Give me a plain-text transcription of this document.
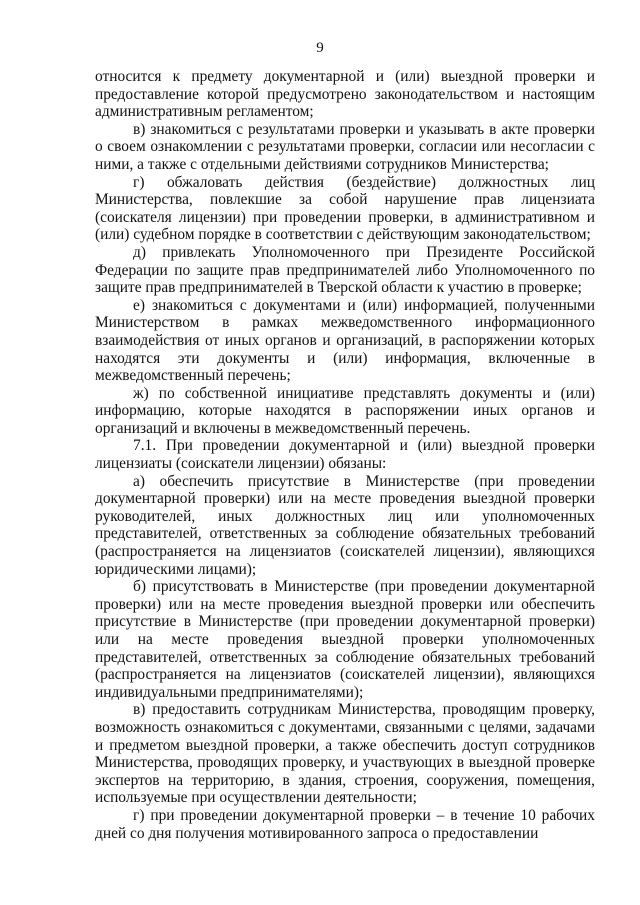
9

относится к предмету документарной и (или) выездной проверки и предоставление которой предусмотрено законодательством и настоящим административным регламентом;

в) знакомиться с результатами проверки и указывать в акте проверки о своем ознакомлении с результатами проверки, согласии или несогласии с ними, а также с отдельными действиями сотрудников Министерства;

г) обжаловать действия (бездействие) должностных лиц Министерства, повлекшие за собой нарушение прав лицензиата (соискателя лицензии) при проведении проверки, в административном и (или) судебном порядке в соответствии с действующим законодательством;

д) привлекать Уполномоченного при Президенте Российской Федерации по защите прав предпринимателей либо Уполномоченного по защите прав предпринимателей в Тверской области к участию в проверке;

е) знакомиться с документами и (или) информацией, полученными Министерством в рамках межведомственного информационного взаимодействия от иных органов и организаций, в распоряжении которых находятся эти документы и (или) информация, включенные в межведомственный перечень;

ж) по собственной инициативе представлять документы и (или) информацию, которые находятся в распоряжении иных органов и организаций и включены в межведомственный перечень.

7.1. При проведении документарной и (или) выездной проверки лицензиаты (соискатели лицензии) обязаны:

а) обеспечить присутствие в Министерстве (при проведении документарной проверки) или на месте проведения выездной проверки руководителей, иных должностных лиц или уполномоченных представителей, ответственных за соблюдение обязательных требований (распространяется на лицензиатов (соискателей лицензии), являющихся юридическими лицами);

б) присутствовать в Министерстве (при проведении документарной проверки) или на месте проведения выездной проверки или обеспечить присутствие в Министерстве (при проведении документарной проверки) или на месте проведения выездной проверки уполномоченных представителей, ответственных за соблюдение обязательных требований (распространяется на лицензиатов (соискателей лицензии), являющихся индивидуальными предпринимателями);

в) предоставить сотрудникам Министерства, проводящим проверку, возможность ознакомиться с документами, связанными с целями, задачами и предметом выездной проверки, а также обеспечить доступ сотрудников Министерства, проводящих проверку, и участвующих в выездной проверке экспертов на территорию, в здания, строения, сооружения, помещения, используемые при осуществлении деятельности;

г) при проведении документарной проверки – в течение 10 рабочих дней со дня получения мотивированного запроса о предоставлении
